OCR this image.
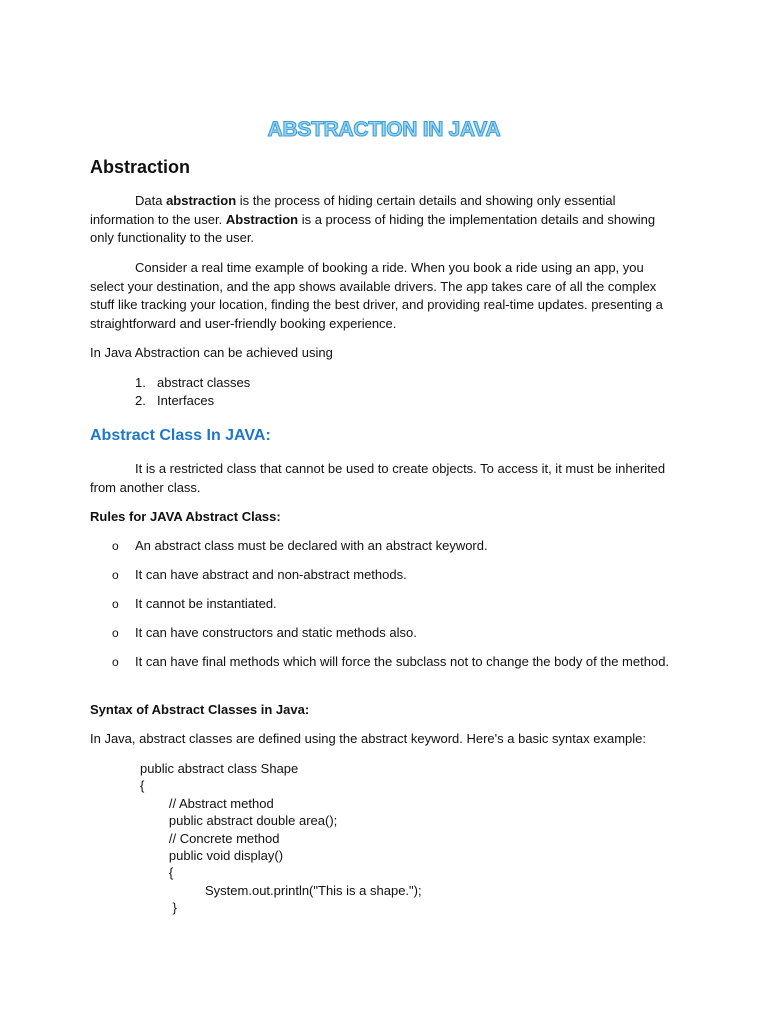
ABSTRACTION IN JAVA
Abstraction

Data abstraction is the process of hiding certain details and showing only essential information to the user. Abstraction is a process of hiding the implementation details and showing only functionality to the user.

Consider a real time example of booking a ride. When you book a ride using an app, you select your destination, and the app shows available drivers. The app takes care of all the complex stuff like tracking your location, finding the best driver, and providing real-time updates. presenting a straightforward and user-friendly booking experience.

In Java Abstraction can be achieved using

1. abstract classes
2. Interfaces
Abstract Class In JAVA:

It is a restricted class that cannot be used to create objects. To access it, it must be inherited from another class.

Rules for JAVA Abstract Class:

o An abstract class must be declared with an abstract keyword.
o It can have abstract and non-abstract methods.
o It cannot be instantiated.
o It can have constructors and static methods also.
o It can have final methods which will force the subclass not to change the body of the method.

Syntax of Abstract Classes in Java:

In Java, abstract classes are defined using the abstract keyword. Here's a basic syntax example:

public abstract class Shape
{
// Abstract method
public abstract double area();
// Concrete method
public void display()
{
System.out.println("This is a shape.");
}
